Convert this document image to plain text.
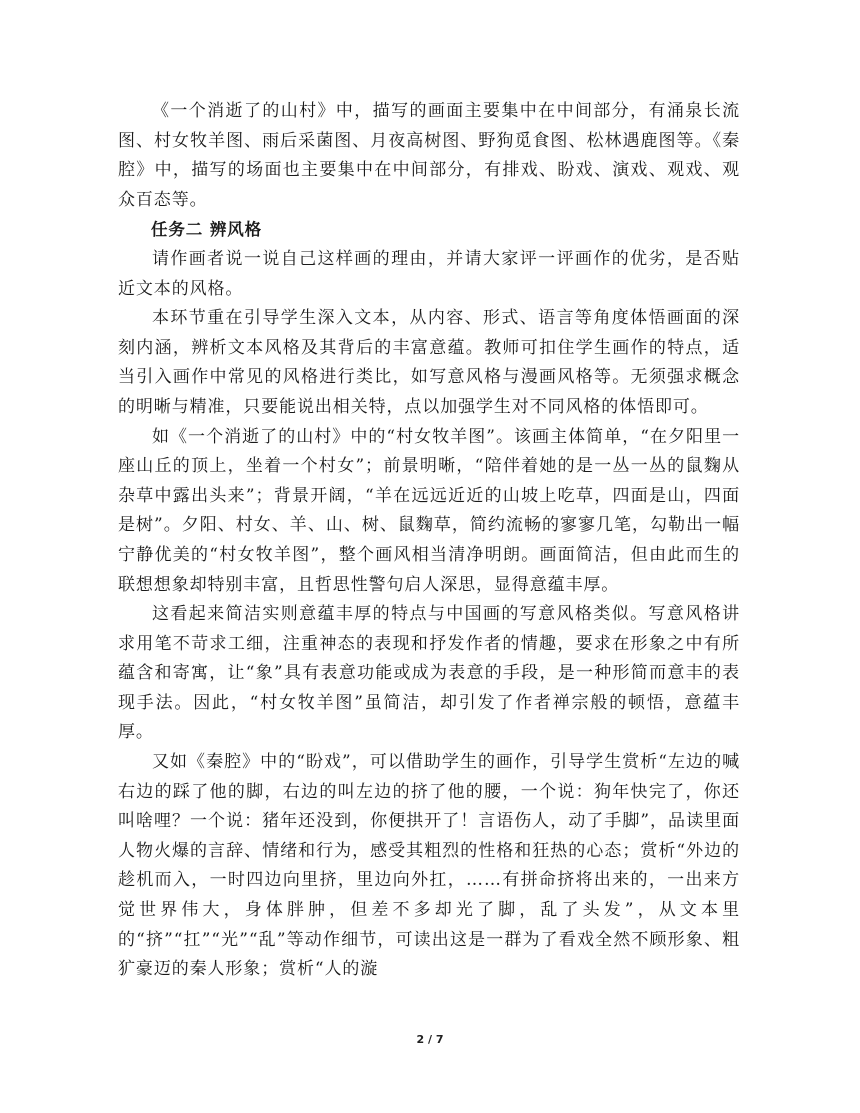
《一个消逝了的山村》中，描写的画面主要集中在中间部分，有涌泉长流图、村女牧羊图、雨后采菌图、月夜高树图、野狗觅食图、松林遇鹿图等。《秦腔》中，描写的场面也主要集中在中间部分，有排戏、盼戏、演戏、观戏、观众百态等。

任务二 辨风格

请作画者说一说自己这样画的理由，并请大家评一评画作的优劣，是否贴近文本的风格。

本环节重在引导学生深入文本，从内容、形式、语言等角度体悟画面的深刻内涵，辨析文本风格及其背后的丰富意蕴。教师可扣住学生画作的特点，适当引入画作中常见的风格进行类比，如写意风格与漫画风格等。无须强求概念的明晰与精准，只要能说出相关特，点以加强学生对不同风格的体悟即可。

如《一个消逝了的山村》中的“村女牧羊图”。该画主体简单，“在夕阳里一座山丘的顶上，坐着一个村女”；前景明晰，“陪伴着她的是一丛一丛的鼠麴从杂草中露出头来”；背景开阔，“羊在远远近近的山坡上吃草，四面是山，四面是树”。夕阳、村女、羊、山、树、鼠麴草，简约流畅的寥寥几笔，勾勒出一幅宁静优美的“村女牧羊图”，整个画风相当清净明朗。画面简洁，但由此而生的联想想象却特别丰富，且哲思性警句启人深思，显得意蕴丰厚。

这看起来简洁实则意蕴丰厚的特点与中国画的写意风格类似。写意风格讲求用笔不苛求工细，注重神态的表现和抒发作者的情趣，要求在形象之中有所蕴含和寄寓，让“象”具有表意功能或成为表意的手段，是一种形简而意丰的表现手法。因此，“村女牧羊图”虽简洁，却引发了作者禅宗般的顿悟，意蕴丰厚。

又如《秦腔》中的“盼戏”，可以借助学生的画作，引导学生赏析“左边的喊右边的踩了他的脚，右边的叫左边的挤了他的腰，一个说：狗年快完了，你还叫啥哩？一个说：猪年还没到，你便拱开了！言语伤人，动了手脚”，品读里面人物火爆的言辞、情绪和行为，感受其粗烈的性格和狂热的心态；赏析“外边的趁机而入，一时四边向里挤，里边向外扛，……有拼命挤将出来的，一出来方觉世界伟大，身体胖肿，但差不多却光了脚，乱了头发”，从文本里的“挤”“扛”“光”“乱”等动作细节，可读出这是一群为了看戏全然不顾形象、粗犷豪迈的秦人形象；赏析“人的漩

2 / 7
